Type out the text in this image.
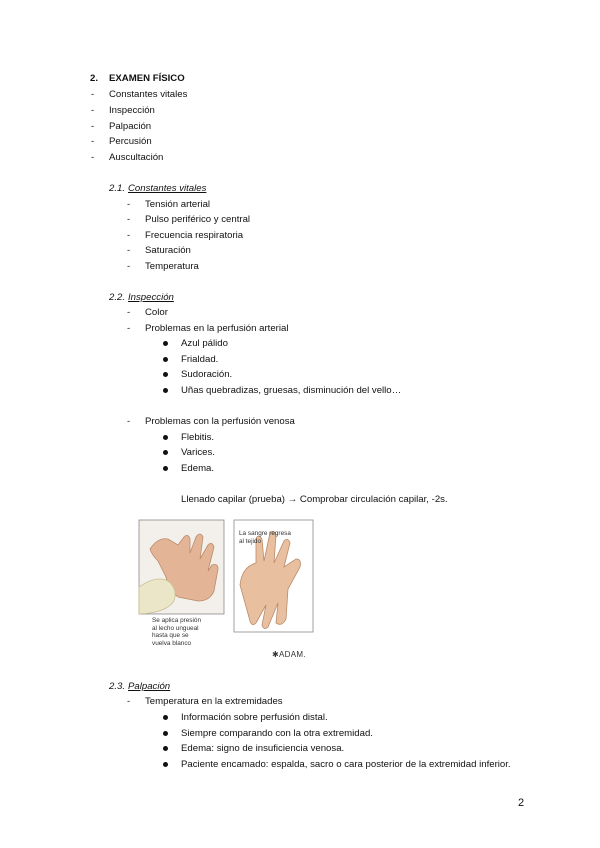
2. EXAMEN FÍSICO
- Constantes vitales
- Inspección
- Palpación
- Percusión
- Auscultación
2.1. Constantes vitales
- Tensión arterial
- Pulso periférico y central
- Frecuencia respiratoria
- Saturación
- Temperatura
2.2. Inspección
- Color
- Problemas en la perfusión arterial
Azul pálido
Frialdad.
Sudoración.
Uñas quebradizas, gruesas, disminución del vello…
- Problemas con la perfusión venosa
Flebitis.
Varices.
Edema.
Llenado capilar (prueba) → Comprobar circulación capilar, -2s.
Se aplica presión
al lecho ungueal
hasta que se
vuelva blanco
La sangre regresa
al tejido
✱ADAM.
2.3. Palpación
- Temperatura en la extremidades
Información sobre perfusión distal.
Siempre comparando con la otra extremidad.
Edema: signo de insuficiencia venosa.
Paciente encamado: espalda, sacro o cara posterior de la extremidad inferior.
2
